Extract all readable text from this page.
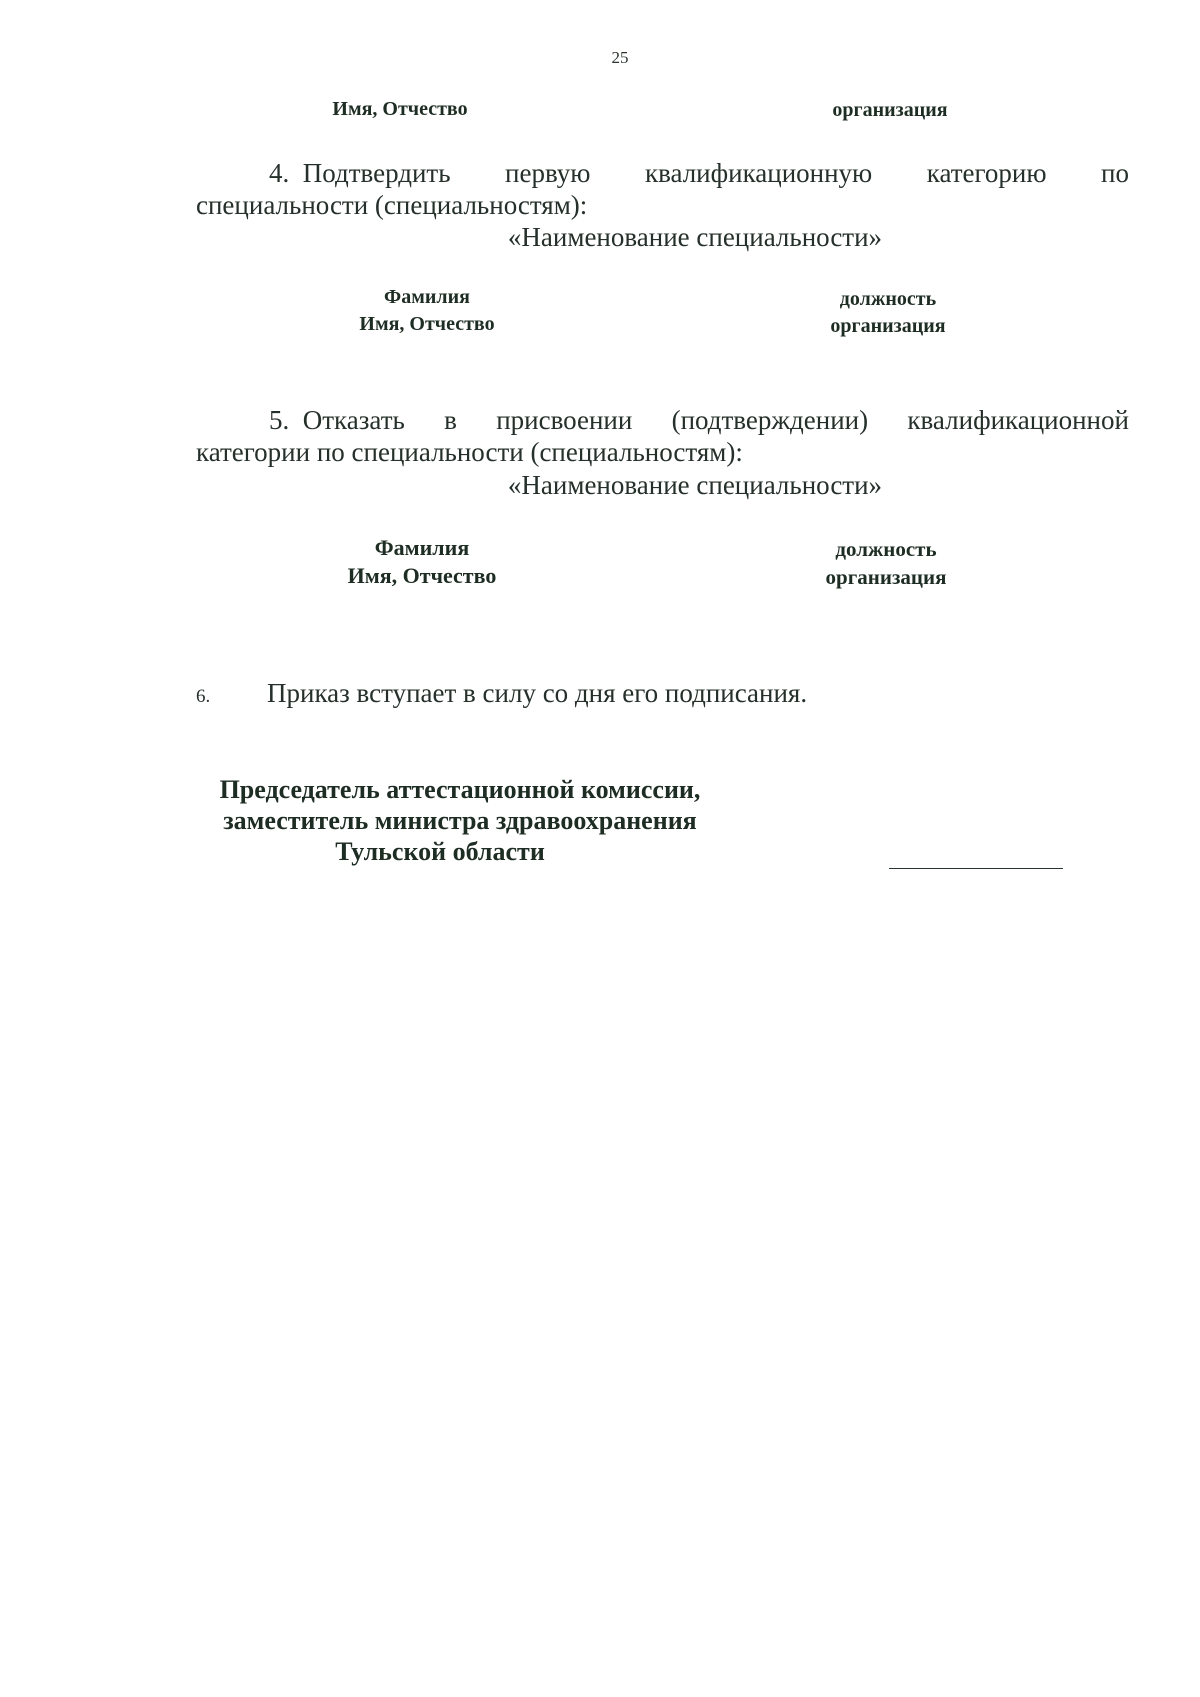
25
Имя, Отчество	организация
4. Подтвердить первую квалификационную категорию по
специальности (специальностям):
«Наименование специальности»
Фамилия
Имя, Отчество
должность
организация
5. Отказать в присвоении (подтверждении) квалификационной
категории по специальности (специальностям):
«Наименование специальности»
Фамилия
Имя, Отчество
должность
организация
6. Приказ вступает в силу со дня его подписания.
Председатель аттестационной комиссии,
заместитель министра здравоохранения
Тульской области
